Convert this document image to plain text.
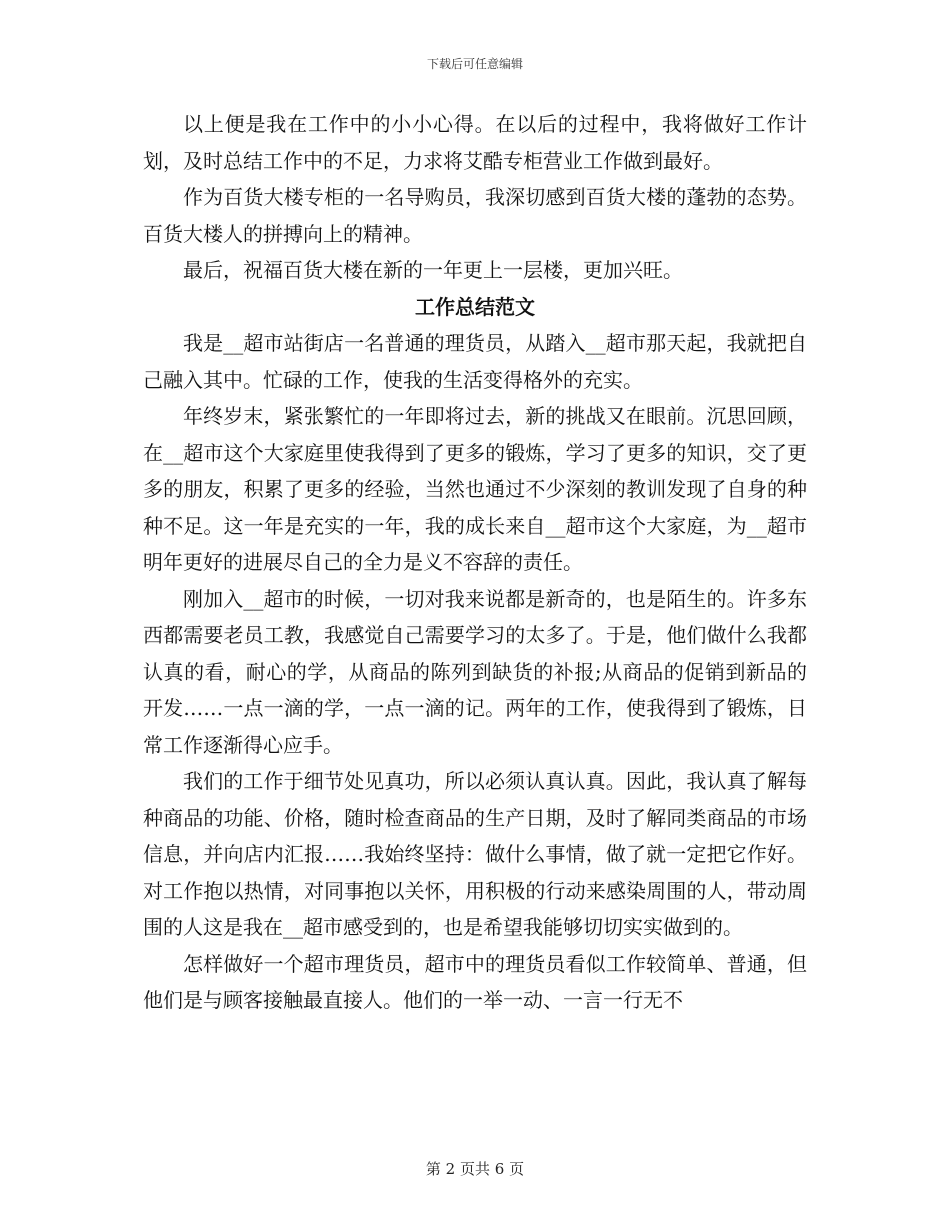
下载后可任意编辑

以上便是我在工作中的小小心得。在以后的过程中，我将做好工作计划，及时总结工作中的不足，力求将艾酷专柜营业工作做到最好。

作为百货大楼专柜的一名导购员，我深切感到百货大楼的蓬勃的态势。百货大楼人的拼搏向上的精神。

最后，祝福百货大楼在新的一年更上一层楼，更加兴旺。

工作总结范文

我是__超市站街店一名普通的理货员，从踏入__超市那天起，我就把自己融入其中。忙碌的工作，使我的生活变得格外的充实。

年终岁末，紧张繁忙的一年即将过去，新的挑战又在眼前。沉思回顾，在__超市这个大家庭里使我得到了更多的锻炼，学习了更多的知识，交了更多的朋友，积累了更多的经验，当然也通过不少深刻的教训发现了自身的种种不足。这一年是充实的一年，我的成长来自__超市这个大家庭，为__超市明年更好的进展尽自己的全力是义不容辞的责任。

刚加入__超市的时候，一切对我来说都是新奇的，也是陌生的。许多东西都需要老员工教，我感觉自己需要学习的太多了。于是，他们做什么我都认真的看，耐心的学，从商品的陈列到缺货的补报;从商品的促销到新品的开发……一点一滴的学，一点一滴的记。两年的工作，使我得到了锻炼，日常工作逐渐得心应手。

我们的工作于细节处见真功，所以必须认真认真。因此，我认真了解每种商品的功能、价格，随时检查商品的生产日期，及时了解同类商品的市场信息，并向店内汇报……我始终坚持：做什么事情，做了就一定把它作好。对工作抱以热情，对同事抱以关怀，用积极的行动来感染周围的人，带动周围的人这是我在__超市感受到的，也是希望我能够切切实实做到的。

怎样做好一个超市理货员，超市中的理货员看似工作较简单、普通，但他们是与顾客接触最直接人。他们的一举一动、一言一行无不

第 2 页共 6 页
